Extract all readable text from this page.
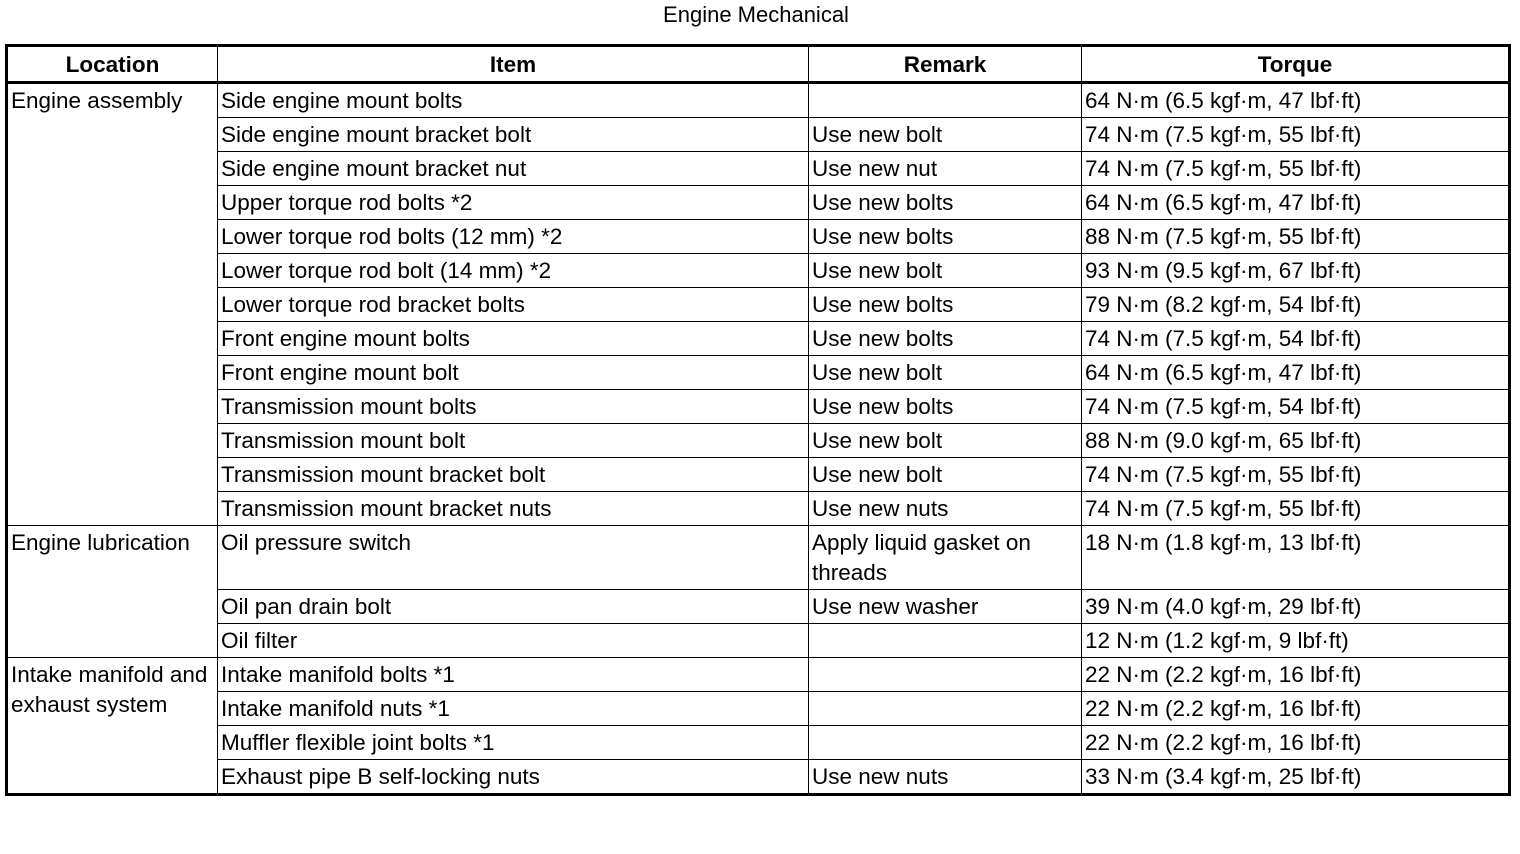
Engine Mechanical
Location	Item	Remark	Torque
Engine assembly	Side engine mount bolts		64 N·m (6.5 kgf·m, 47 lbf·ft)
	Side engine mount bracket bolt	Use new bolt	74 N·m (7.5 kgf·m, 55 lbf·ft)
	Side engine mount bracket nut	Use new nut	74 N·m (7.5 kgf·m, 55 lbf·ft)
	Upper torque rod bolts *2	Use new bolts	64 N·m (6.5 kgf·m, 47 lbf·ft)
	Lower torque rod bolts (12 mm) *2	Use new bolts	88 N·m (7.5 kgf·m, 55 lbf·ft)
	Lower torque rod bolt (14 mm) *2	Use new bolt	93 N·m (9.5 kgf·m, 67 lbf·ft)
	Lower torque rod bracket bolts	Use new bolts	79 N·m (8.2 kgf·m, 54 lbf·ft)
	Front engine mount bolts	Use new bolts	74 N·m (7.5 kgf·m, 54 lbf·ft)
	Front engine mount bolt	Use new bolt	64 N·m (6.5 kgf·m, 47 lbf·ft)
	Transmission mount bolts	Use new bolts	74 N·m (7.5 kgf·m, 54 lbf·ft)
	Transmission mount bolt	Use new bolt	88 N·m (9.0 kgf·m, 65 lbf·ft)
	Transmission mount bracket bolt	Use new bolt	74 N·m (7.5 kgf·m, 55 lbf·ft)
	Transmission mount bracket nuts	Use new nuts	74 N·m (7.5 kgf·m, 55 lbf·ft)
Engine lubrication	Oil pressure switch	Apply liquid gasket on threads	18 N·m (1.8 kgf·m, 13 lbf·ft)
	Oil pan drain bolt	Use new washer	39 N·m (4.0 kgf·m, 29 lbf·ft)
	Oil filter		12 N·m (1.2 kgf·m, 9 lbf·ft)
Intake manifold and exhaust system	Intake manifold bolts *1		22 N·m (2.2 kgf·m, 16 lbf·ft)
	Intake manifold nuts *1		22 N·m (2.2 kgf·m, 16 lbf·ft)
	Muffler flexible joint bolts *1		22 N·m (2.2 kgf·m, 16 lbf·ft)
	Exhaust pipe B self-locking nuts	Use new nuts	33 N·m (3.4 kgf·m, 25 lbf·ft)
